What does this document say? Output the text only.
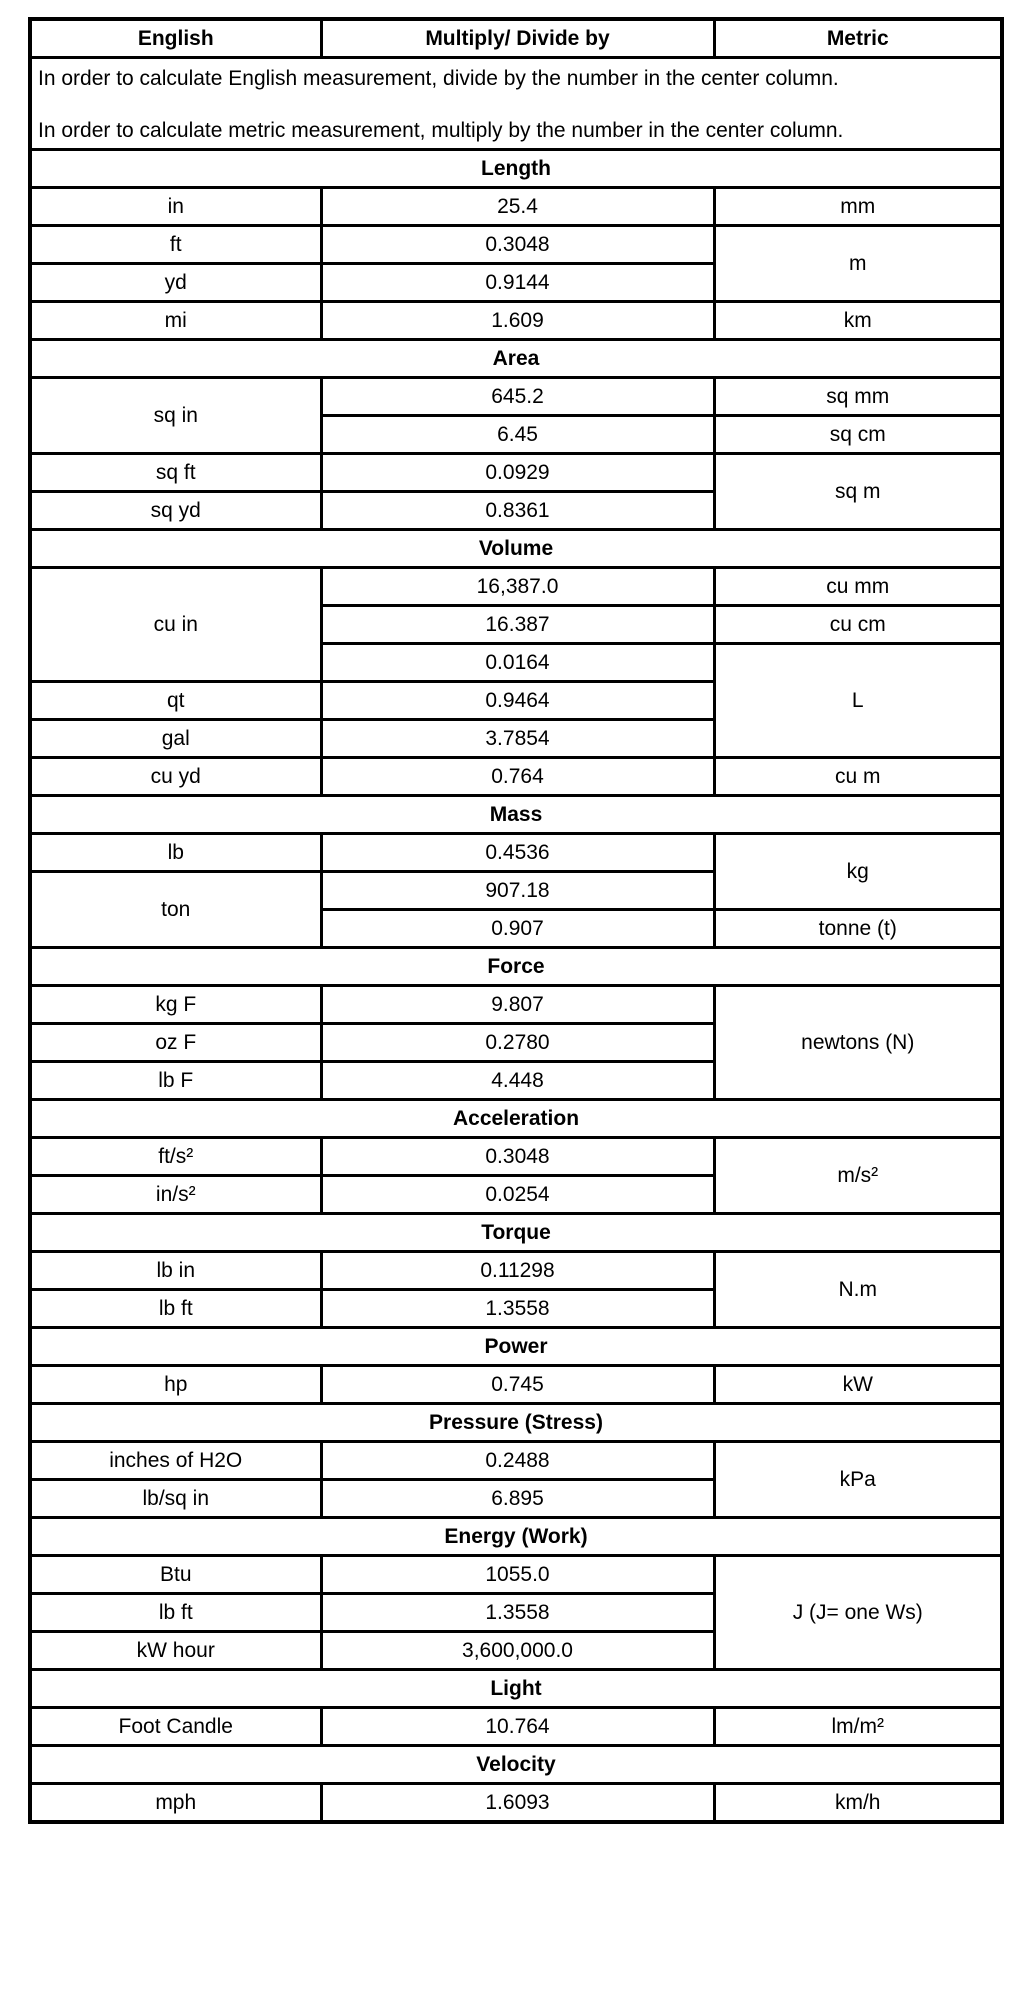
English	Multiply/ Divide by	Metric

In order to calculate English measurement, divide by the number in the center column.
In order to calculate metric measurement, multiply by the number in the center column.		

Length		
in	25.4	mm
ft	0.3048	m
yd	0.9144	
mi	1.609	km
Area		
sq in	645.2	sq mm
	6.45	sq cm
sq ft	0.0929	sq m
sq yd	0.8361	
Volume		
cu in	16,387.0	cu mm
	16.387	cu cm
	0.0164	L
qt	0.9464	
gal	3.7854	
cu yd	0.764	cu m
Mass		
lb	0.4536	kg
ton	907.18	
	0.907	tonne (t)
Force		
kg F	9.807	newtons (N)
oz F	0.2780	
lb F	4.448	
Acceleration		
ft/s²	0.3048	m/s²
in/s²	0.0254	
Torque		
lb in	0.11298	N.m
lb ft	1.3558	
Power		
hp	0.745	kW
Pressure (Stress)		
inches of H2O	0.2488	kPa
lb/sq in	6.895	
Energy (Work)		
Btu	1055.0	J (J= one Ws)
lb ft	1.3558	
kW hour	3,600,000.0	
Light		
Foot Candle	10.764	lm/m²
Velocity		
mph	1.6093	km/h
